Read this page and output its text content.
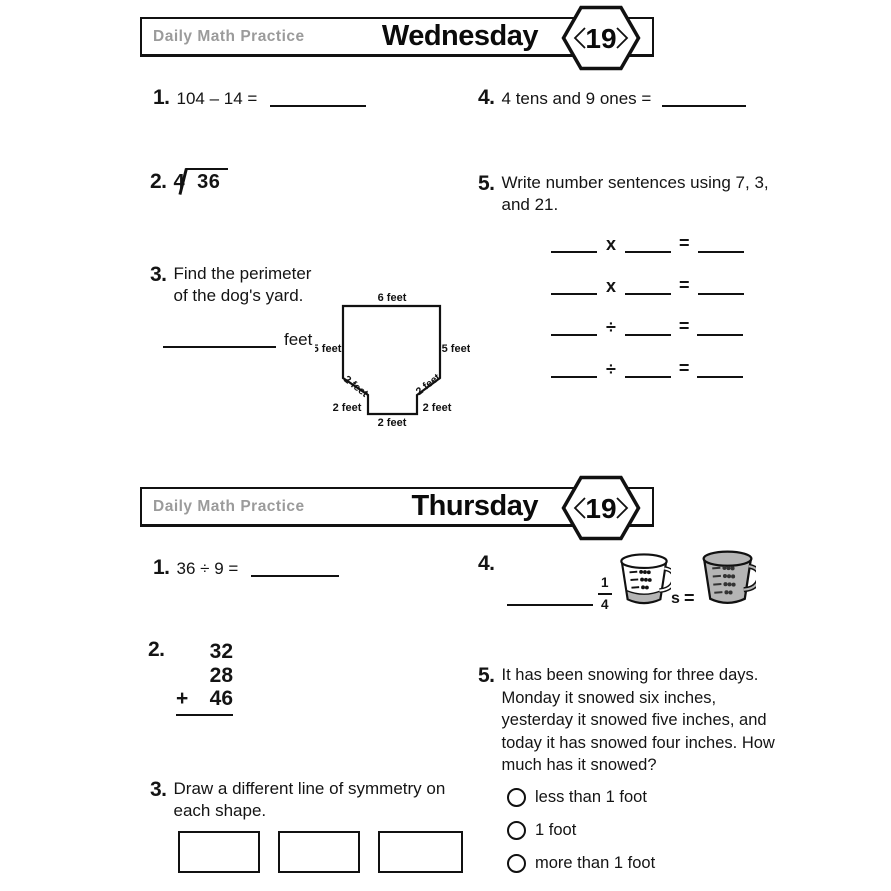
Daily Math Practice	Wednesday 19
1. 104 – 14 =
2. 4 36
3. Find the perimeter
of the dog's yard.
feet
6 feet
5 feet	5 feet
2 feet	2 feet
2 feet	2 feet
2 feet
4. 4 tens and 9 ones =
5. Write number sentences using 7, 3,
and 21.
x	=
x	=
÷	=
÷	=
Daily Math Practice	Thursday 19
1. 36 ÷ 9 =
2.	32
28
+ 46
3. Draw a different line of symmetry on
each shape.
4.
$\frac{1}{4}$	s =
5. It has been snowing for three days.
Monday it snowed six inches,
yesterday it snowed five inches, and
today it has snowed four inches. How
much has it snowed?
less than 1 foot
1 foot
more than 1 foot
